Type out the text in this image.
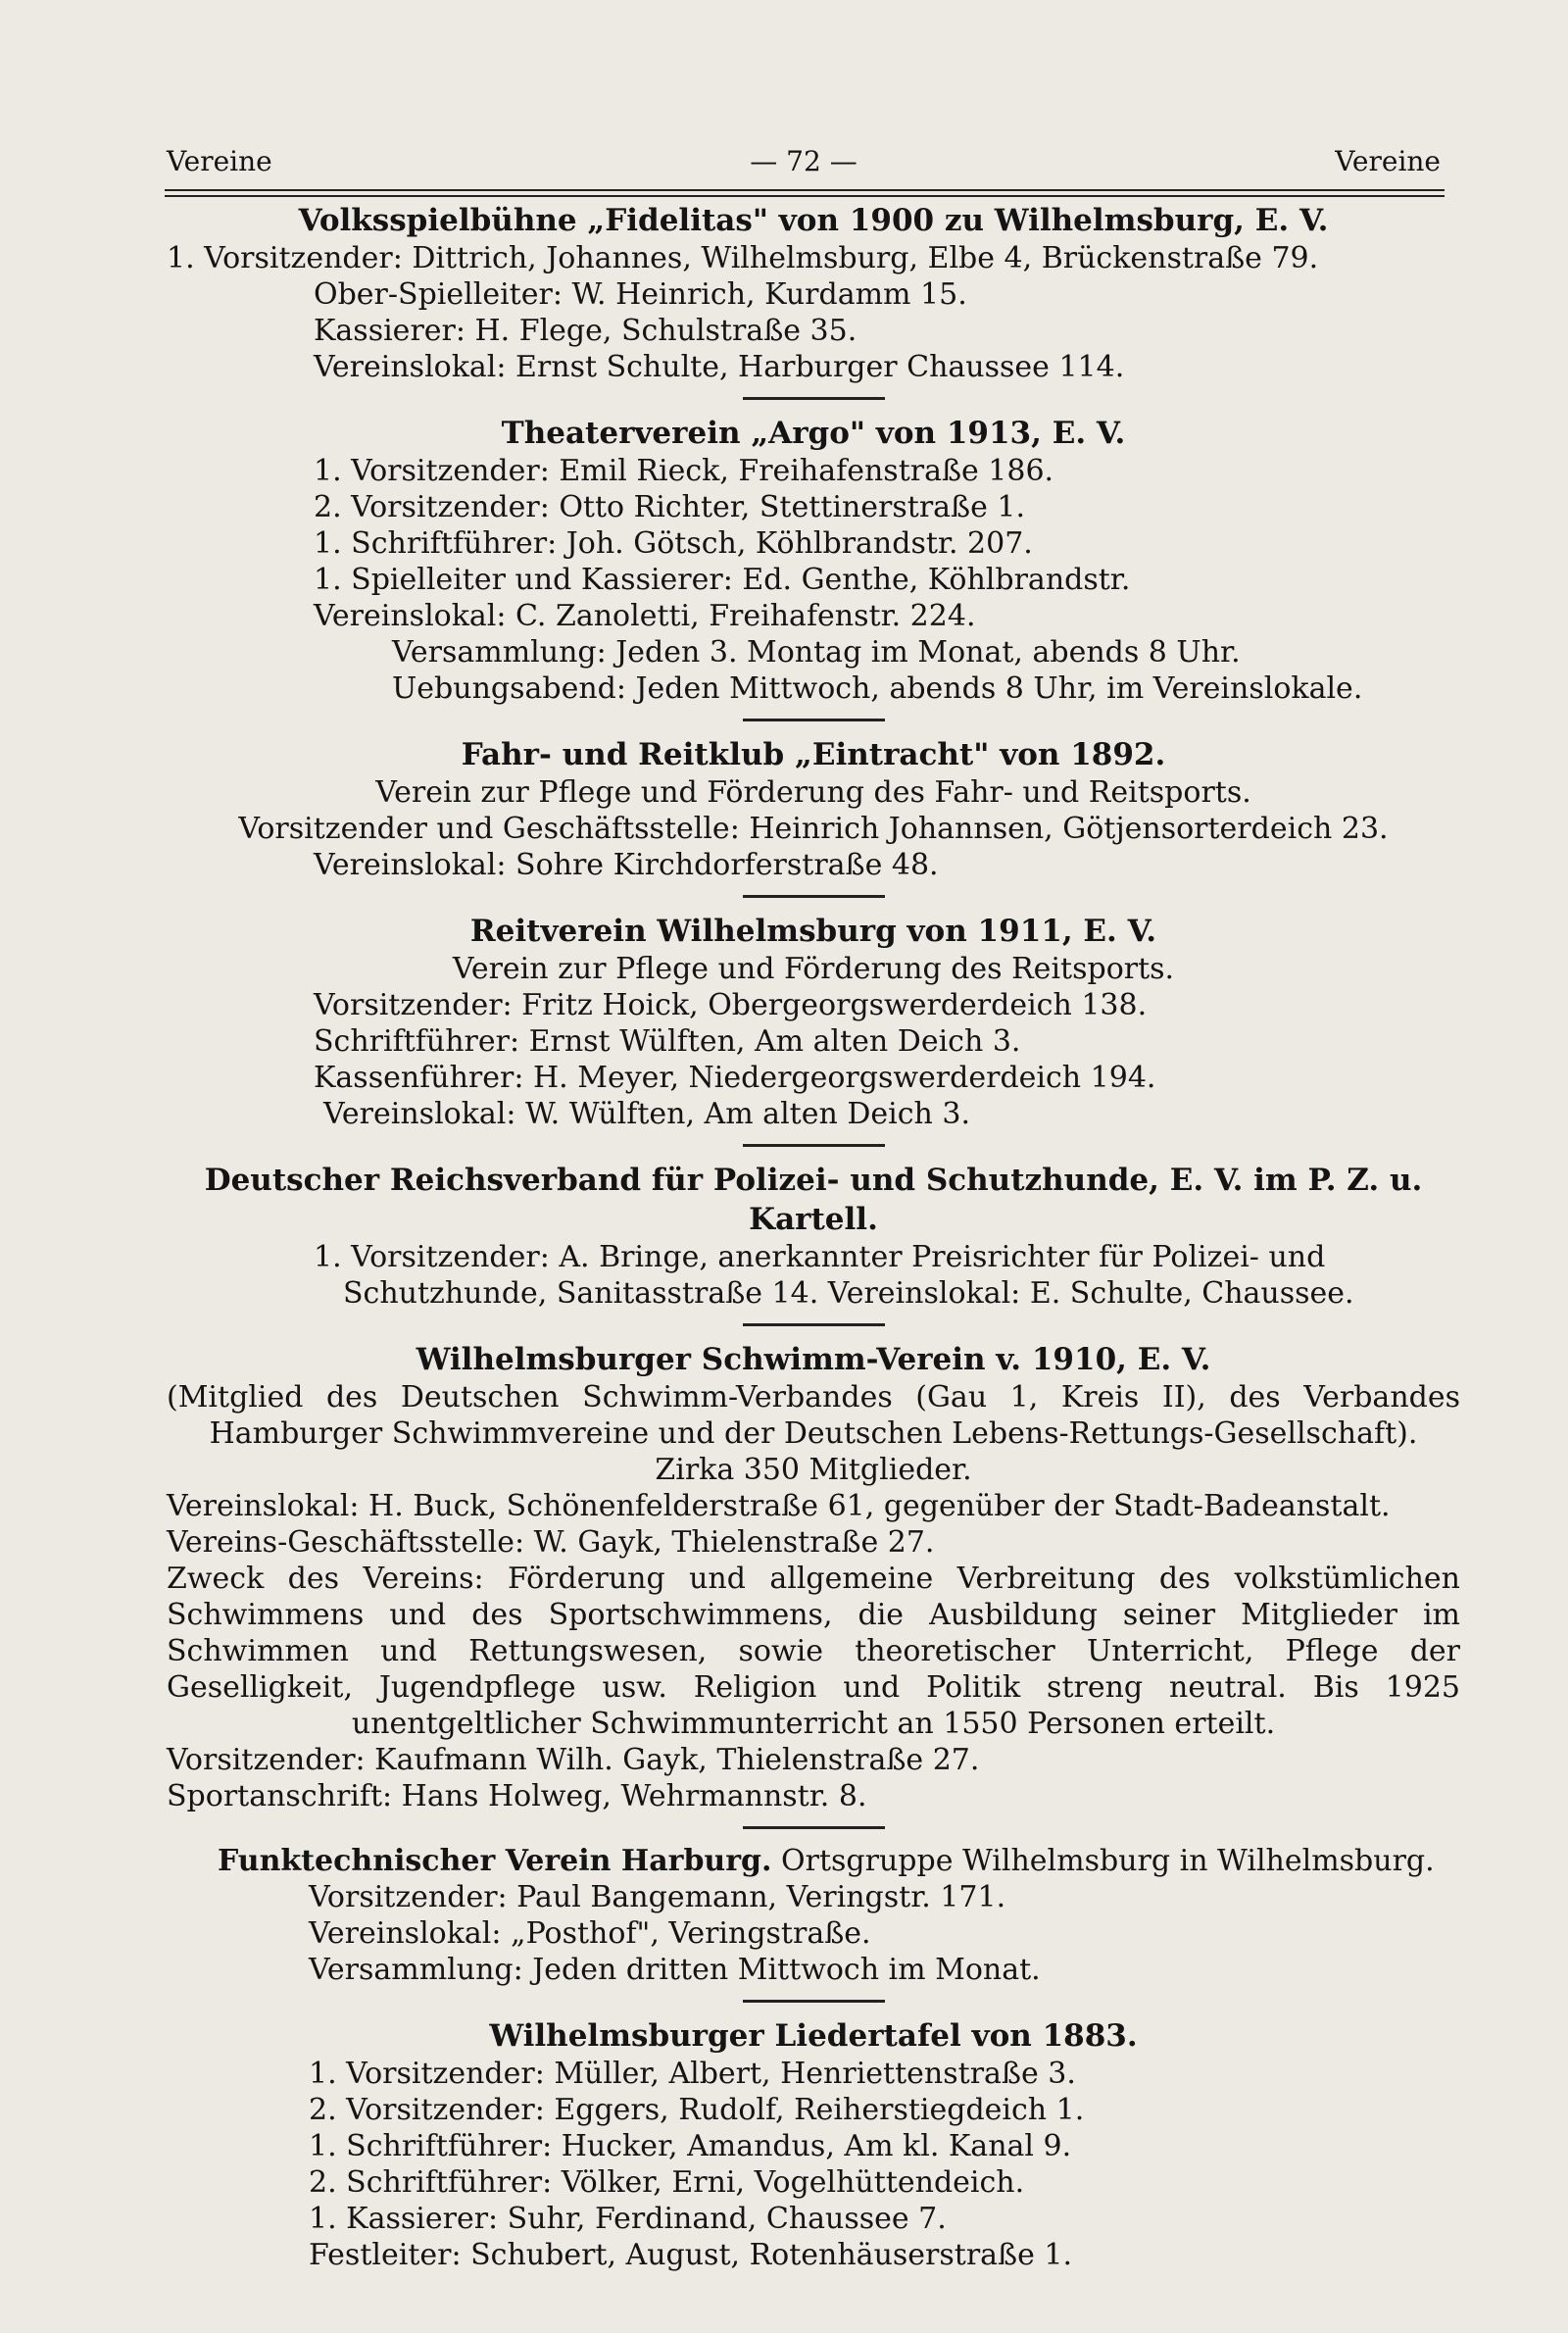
Vereine	— 72 —	Vereine
Volksspielbühne „Fidelitas" von 1900 zu Wilhelmsburg, E. V.
1. Vorsitzender: Dittrich, Johannes, Wilhelmsburg, Elbe 4, Brückenstraße 79.
Ober-Spielleiter: W. Heinrich, Kurdamm 15.
Kassierer: H. Flege, Schulstraße 35.
Vereinslokal: Ernst Schulte, Harburger Chaussee 114.
Theaterverein „Argo" von 1913, E. V.
1. Vorsitzender: Emil Rieck, Freihafenstraße 186.
2. Vorsitzender: Otto Richter, Stettinerstraße 1.
1. Schriftführer: Joh. Götsch, Köhlbrandstr. 207.
1. Spielleiter und Kassierer: Ed. Genthe, Köhlbrandstr.
Vereinslokal: C. Zanoletti, Freihafenstr. 224.
Versammlung: Jeden 3. Montag im Monat, abends 8 Uhr.
Uebungsabend: Jeden Mittwoch, abends 8 Uhr, im Vereinslokale.
Fahr- und Reitklub „Eintracht" von 1892.
Verein zur Pflege und Förderung des Fahr- und Reitsports.
Vorsitzender und Geschäftsstelle: Heinrich Johannsen, Götjensorterdeich 23.
Vereinslokal: Sohre Kirchdorferstraße 48.
Reitverein Wilhelmsburg von 1911, E. V.
Verein zur Pflege und Förderung des Reitsports.
Vorsitzender: Fritz Hoick, Obergeorgswerderdeich 138.
Schriftführer: Ernst Wülften, Am alten Deich 3.
Kassenführer: H. Meyer, Niedergeorgswerderdeich 194.
Vereinslokal: W. Wülften, Am alten Deich 3.
Deutscher Reichsverband für Polizei- und Schutzhunde, E. V. im P. Z. u. Kartell.
1. Vorsitzender: A. Bringe, anerkannter Preisrichter für Polizei- und
Schutzhunde, Sanitasstraße 14. Vereinslokal: E. Schulte, Chaussee.
Wilhelmsburger Schwimm-Verein v. 1910, E. V.
(Mitglied des Deutschen Schwimm-Verbandes (Gau 1, Kreis II), des Verbandes
Hamburger Schwimmvereine und der Deutschen Lebens-Rettungs-Gesellschaft).
Zirka 350 Mitglieder.
Vereinslokal: H. Buck, Schönenfelderstraße 61, gegenüber der Stadt-Badeanstalt.
Vereins-Geschäftsstelle: W. Gayk, Thielenstraße 27.
Zweck des Vereins: Förderung und allgemeine Verbreitung des volkstümlichen
Schwimmens und des Sportschwimmens, die Ausbildung seiner Mitglieder im
Schwimmen und Rettungswesen, sowie theoretischer Unterricht, Pflege der
Geselligkeit, Jugendpflege usw. Religion und Politik streng neutral. Bis 1925
unentgeltlicher Schwimmunterricht an 1550 Personen erteilt.
Vorsitzender: Kaufmann Wilh. Gayk, Thielenstraße 27.
Sportanschrift: Hans Holweg, Wehrmannstr. 8.
Funktechnischer Verein Harburg. Ortsgruppe Wilhelmsburg in Wilhelmsburg.
Vorsitzender: Paul Bangemann, Veringstr. 171.
Vereinslokal: „Posthof", Veringstraße.
Versammlung: Jeden dritten Mittwoch im Monat.
Wilhelmsburger Liedertafel von 1883.
1. Vorsitzender: Müller, Albert, Henriettenstraße 3.
2. Vorsitzender: Eggers, Rudolf, Reiherstiegdeich 1.
1. Schriftführer: Hucker, Amandus, Am kl. Kanal 9.
2. Schriftführer: Völker, Erni, Vogelhüttendeich.
1. Kassierer: Suhr, Ferdinand, Chaussee 7.
Festleiter: Schubert, August, Rotenhäuserstraße 1.
